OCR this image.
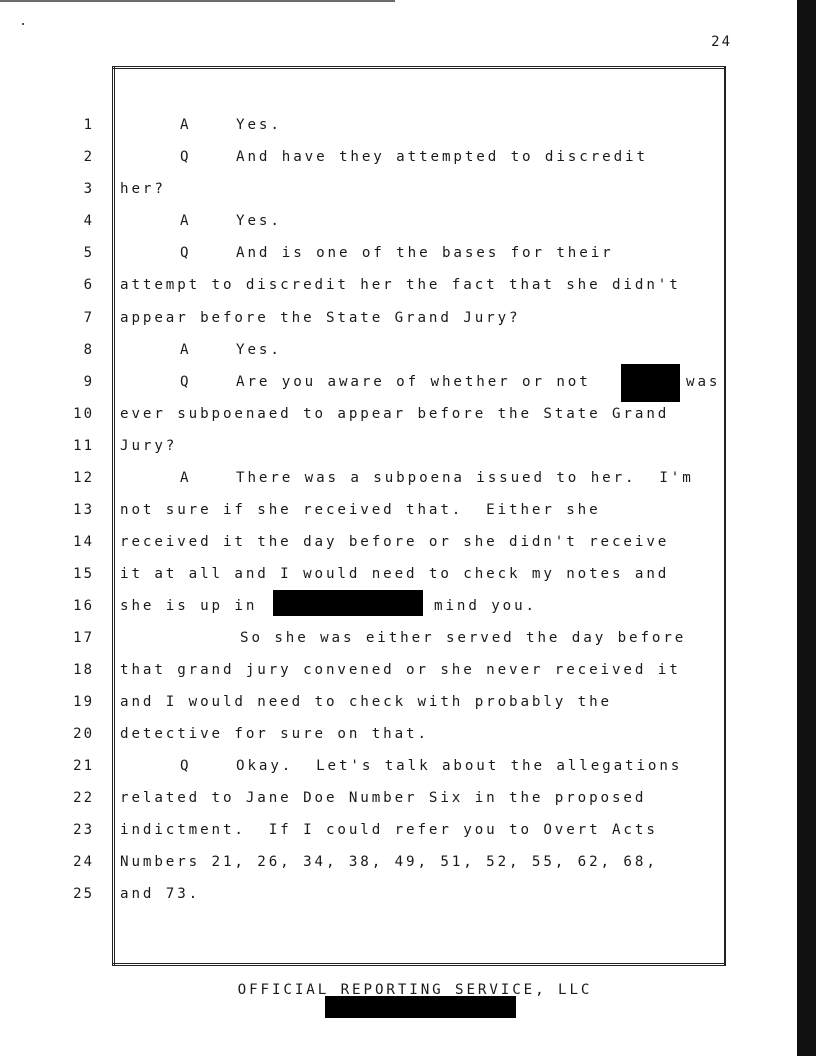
24
1
2
3
4
5
6
7
8
9
10
11
12
13
14
15
16
17
18
19
20
21
22
23
24
25
A	Yes.
Q	And have they attempted to discredit
her?
A	Yes.
Q	And is one of the bases for their
attempt to discredit her the fact that she didn't
appear before the State Grand Jury?
A	Yes.
Q	Are you aware of whether or not	was
ever subpoenaed to appear before the State Grand
Jury?
A	There was a subpoena issued to her.  I'm
not sure if she received that.  Either she
received it the day before or she didn't receive
it at all and I would need to check my notes and
she is up in	mind you.
So she was either served the day before
that grand jury convened or she never received it
and I would need to check with probably the
detective for sure on that.
Q	Okay.  Let's talk about the allegations
related to Jane Doe Number Six in the proposed
indictment.  If I could refer you to Overt Acts
Numbers 21, 26, 34, 38, 49, 51, 52, 55, 62, 68,
and 73.
OFFICIAL REPORTING SERVICE, LLC
